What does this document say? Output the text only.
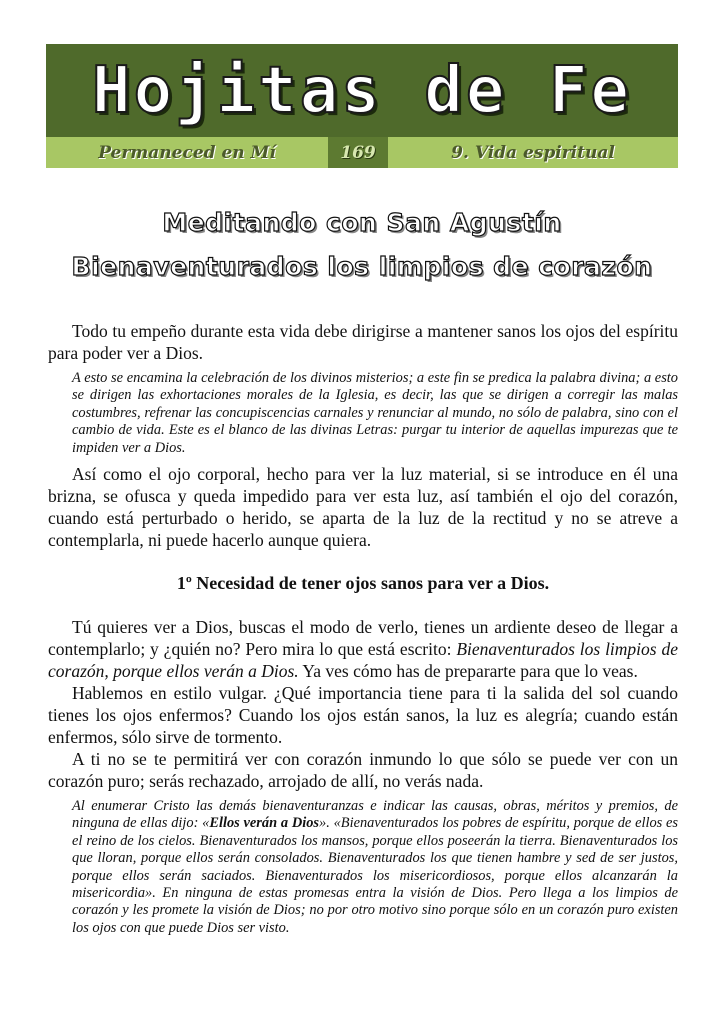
Hojitas de Fe
Permaneced en Mí	169	9. Vida espiritual
Meditando con San Agustín
Bienaventurados los limpios de corazón

Todo tu empeño durante esta vida debe dirigirse a mantener sanos los ojos del espíritu para poder ver a Dios.

A esto se encamina la celebración de los divinos misterios; a este fin se predica la palabra divina; a esto se dirigen las exhortaciones morales de la Iglesia, es decir, las que se dirigen a corregir las malas costumbres, refrenar las concupiscencias carnales y renunciar al mundo, no sólo de palabra, sino con el cambio de vida. Este es el blanco de las divinas Letras: purgar tu interior de aquellas impurezas que te impiden ver a Dios.

Así como el ojo corporal, hecho para ver la luz material, si se introduce en él una brizna, se ofusca y queda impedido para ver esta luz, así también el ojo del corazón, cuando está perturbado o herido, se aparta de la luz de la rectitud y no se atreve a contemplarla, ni puede hacerlo aunque quiera.

1º Necesidad de tener ojos sanos para ver a Dios.

Tú quieres ver a Dios, buscas el modo de verlo, tienes un ardiente deseo de llegar a contemplarlo; y ¿quién no? Pero mira lo que está escrito: Bienaventurados los limpios de corazón, porque ellos verán a Dios. Ya ves cómo has de prepararte para que lo veas.

Hablemos en estilo vulgar. ¿Qué importancia tiene para ti la salida del sol cuando tienes los ojos enfermos? Cuando los ojos están sanos, la luz es alegría; cuando están enfermos, sólo sirve de tormento.

A ti no se te permitirá ver con corazón inmundo lo que sólo se puede ver con un corazón puro; serás rechazado, arrojado de allí, no verás nada.

Al enumerar Cristo las demás bienaventuranzas e indicar las causas, obras, méritos y premios, de ninguna de ellas dijo: «Ellos verán a Dios». «Bienaventurados los pobres de espíritu, porque de ellos es el reino de los cielos. Bienaventurados los mansos, porque ellos poseerán la tierra. Bienaventurados los que lloran, porque ellos serán consolados. Bienaventurados los que tienen hambre y sed de ser justos, porque ellos serán saciados. Bienaventurados los misericordiosos, porque ellos alcanzarán la misericordia». En ninguna de estas promesas entra la visión de Dios. Pero llega a los limpios de corazón y les promete la visión de Dios; no por otro motivo sino porque sólo en un corazón puro existen los ojos con que puede Dios ser visto.
